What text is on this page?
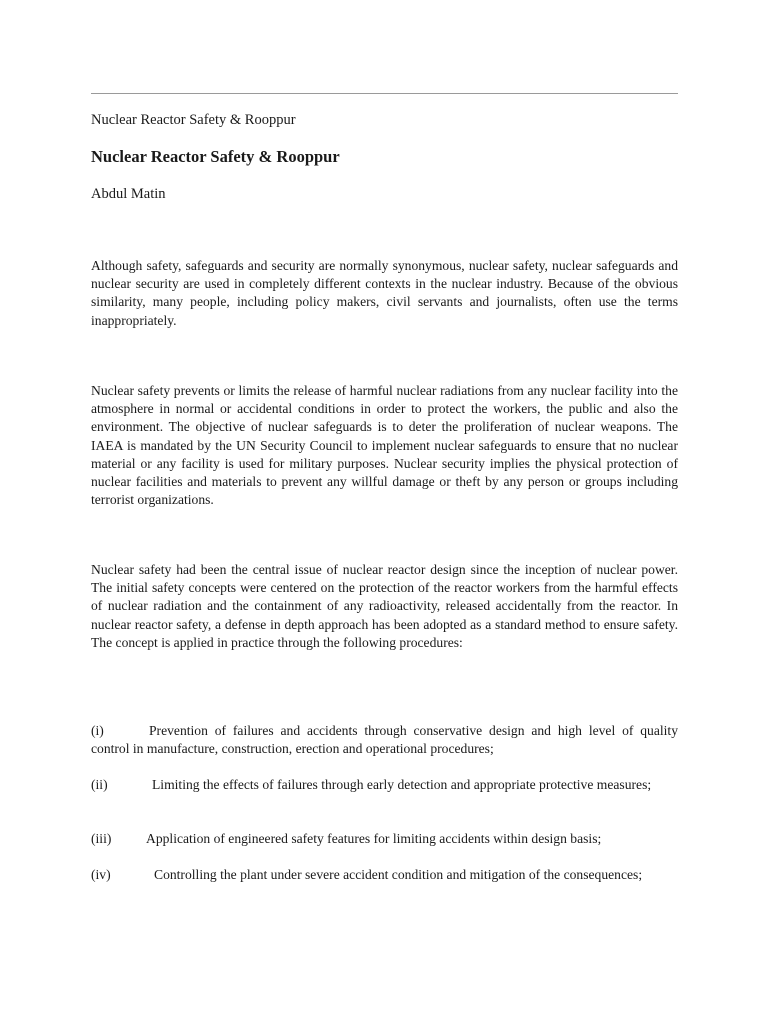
Nuclear Reactor Safety & Rooppur
Nuclear Reactor Safety & Rooppur
Abdul Matin

Although safety, safeguards and security are normally synonymous, nuclear safety, nuclear safeguards and nuclear security are used in completely different contexts in the nuclear industry. Because of the obvious similarity, many people, including policy makers, civil servants and journalists, often use the terms inappropriately.

Nuclear safety prevents or limits the release of harmful nuclear radiations from any nuclear facility into the atmosphere in normal or accidental conditions in order to protect the workers, the public and also the environment. The objective of nuclear safeguards is to deter the proliferation of nuclear weapons. The IAEA is mandated by the UN Security Council to implement nuclear safeguards to ensure that no nuclear material or any facility is used for military purposes. Nuclear security implies the physical protection of nuclear facilities and materials to prevent any willful damage or theft by any person or groups including terrorist organizations.

Nuclear safety had been the central issue of nuclear reactor design since the inception of nuclear power. The initial safety concepts were centered on the protection of the reactor workers from the harmful effects of nuclear radiation and the containment of any radioactivity, released accidentally from the reactor. In nuclear reactor safety, a defense in depth approach has been adopted as a standard method to ensure safety. The concept is applied in practice through the following procedures:

(i)	Prevention of failures and accidents through conservative design and high level of quality control in manufacture, construction, erection and operational procedures;

(ii)	Limiting the effects of failures through early detection and appropriate protective measures;

(iii)	Application of engineered safety features for limiting accidents within design basis;

(iv)	Controlling the plant under severe accident condition and mitigation of the consequences;
